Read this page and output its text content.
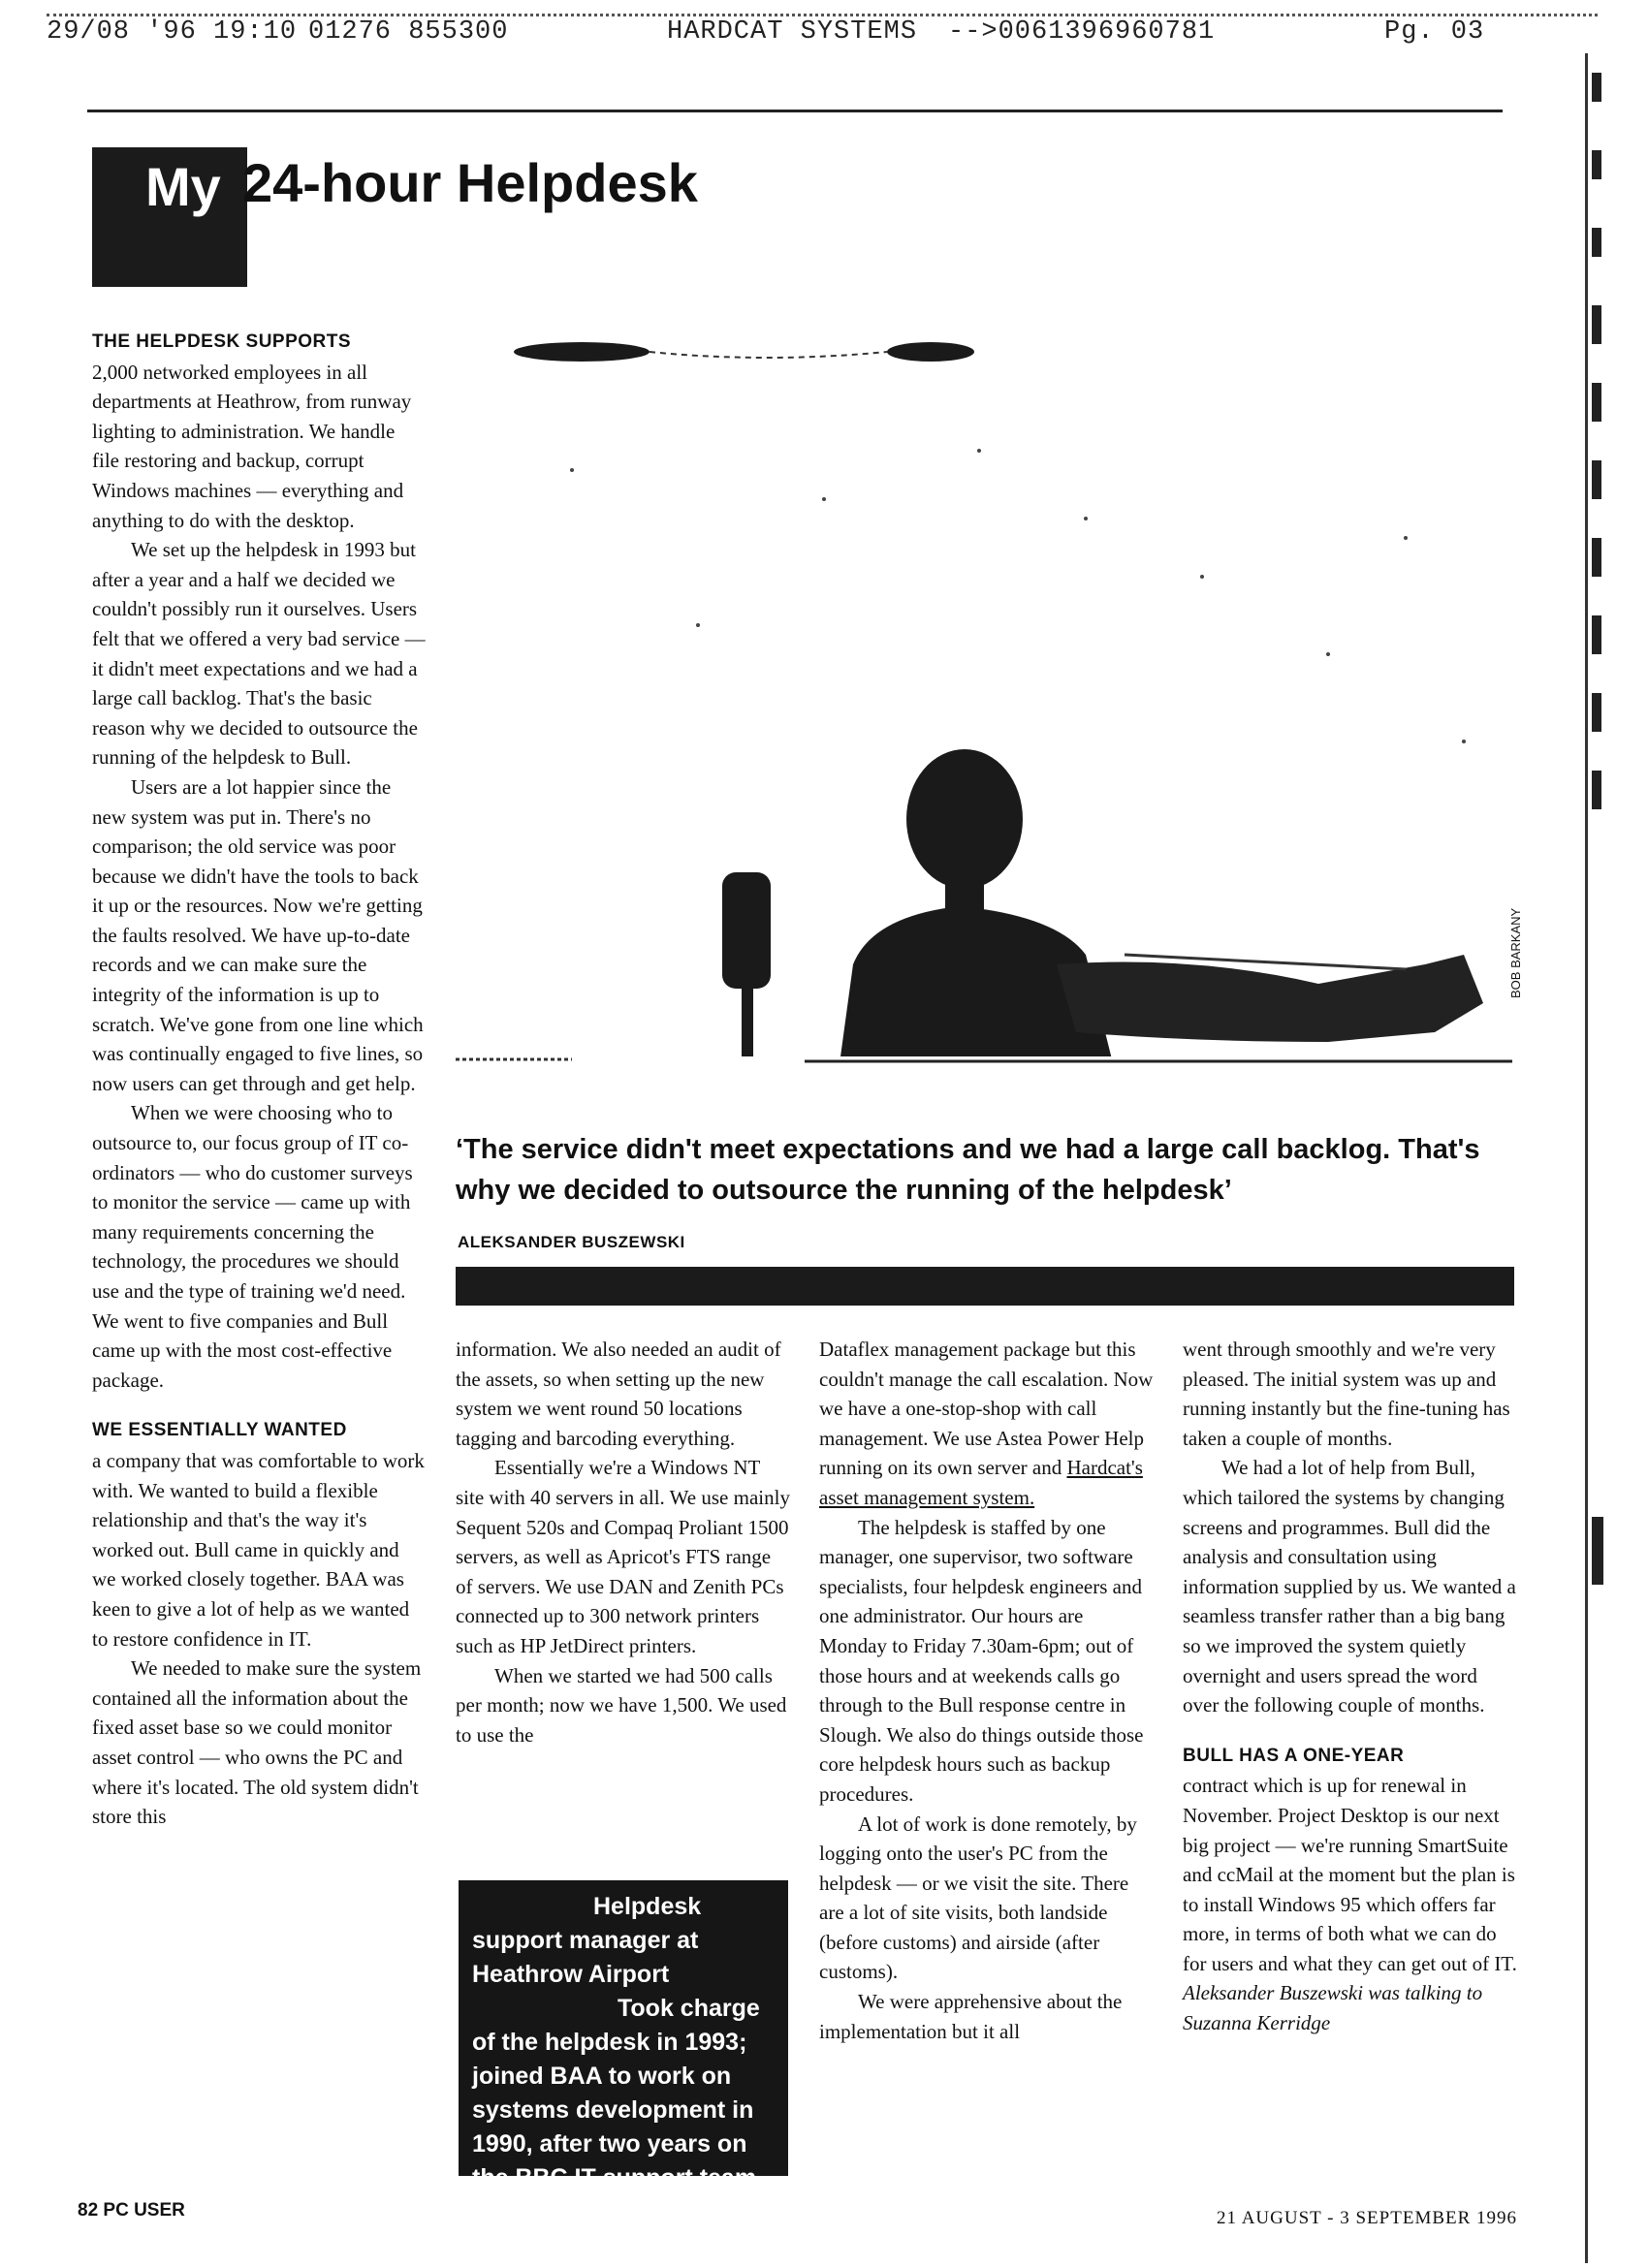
29/08 '96 19:10

01276 855300

	HARDCAT SYSTEMS

-->0061396960781

	Pg. 03

My 24-hour Helpdesk
THE HELPDESK SUPPORTS

2,000 networked employees in all departments at Heathrow, from runway lighting to administration. We handle file restoring and backup, corrupt Windows machines — everything and anything to do with the desktop.

We set up the helpdesk in 1993 but after a year and a half we decided we couldn't possibly run it ourselves. Users felt that we offered a very bad service — it didn't meet expectations and we had a large call backlog. That's the basic reason why we decided to outsource the running of the helpdesk to Bull.

Users are a lot happier since the new system was put in. There's no comparison; the old service was poor because we didn't have the tools to back it up or the resources. Now we're getting the faults resolved. We have up-to-date records and we can make sure the integrity of the information is up to scratch. We've gone from one line which was continually engaged to five lines, so now users can get through and get help.

When we were choosing who to outsource to, our focus group of IT co-ordinators — who do customer surveys to monitor the service — came up with many requirements concerning the technology, the procedures we should use and the type of training we'd need. We went to five companies and Bull came up with the most cost-effective package.

WE ESSENTIALLY WANTED

a company that was comfortable to work with. We wanted to build a flexible relationship and that's the way it's worked out. Bull came in quickly and we worked closely together. BAA was keen to give a lot of help as we wanted to restore confidence in IT.

We needed to make sure the system contained all the information about the fixed asset base so we could monitor asset control — who owns the PC and where it's located. The old system didn't store this

BOB BARKANY
‘The service didn't meet expectations and we had a large call backlog. That's why we decided to outsource the running of the helpdesk’
ALEKSANDER BUSZEWSKI

information. We also needed an audit of the assets, so when setting up the new system we went round 50 locations tagging and barcoding everything.

Essentially we're a Windows NT site with 40 servers in all. We use mainly Sequent 520s and Compaq Proliant 1500 servers, as well as Apricot's FTS range of servers. We use DAN and Zenith PCs connected up to 300 network printers such as HP JetDirect printers.

When we started we had 500 calls per month; now we have 1,500. We used to use the

Helpdesk
support manager at
Heathrow Airport
Took charge
of the helpdesk in 1993;
joined BAA to work on
systems development in
1990, after two years on
the BBC IT support team

Dataflex management package but this couldn't manage the call escalation. Now we have a one-stop-shop with call management. We use Astea Power Help running on its own server and Hardcat's asset management system.

The helpdesk is staffed by one manager, one supervisor, two software specialists, four helpdesk engineers and one administrator. Our hours are Monday to Friday 7.30am-6pm; out of those hours and at weekends calls go through to the Bull response centre in Slough. We also do things outside those core helpdesk hours such as backup procedures.

A lot of work is done remotely, by logging onto the user's PC from the helpdesk — or we visit the site. There are a lot of site visits, both landside (before customs) and airside (after customs).

We were apprehensive about the implementation but it all

went through smoothly and we're very pleased. The initial system was up and running instantly but the fine-tuning has taken a couple of months.

We had a lot of help from Bull, which tailored the systems by changing screens and programmes. Bull did the analysis and consultation using information supplied by us. We wanted a seamless transfer rather than a big bang so we improved the system quietly overnight and users spread the word over the following couple of months.

BULL HAS A ONE-YEAR

contract which is up for renewal in November. Project Desktop is our next big project — we're running SmartSuite and ccMail at the moment but the plan is to install Windows 95 which offers far more, in terms of both what we can do for users and what they can get out of IT.

Aleksander Buszewski was talking to Suzanna Kerridge

82 PC USER	21 AUGUST - 3 SEPTEMBER 1996
